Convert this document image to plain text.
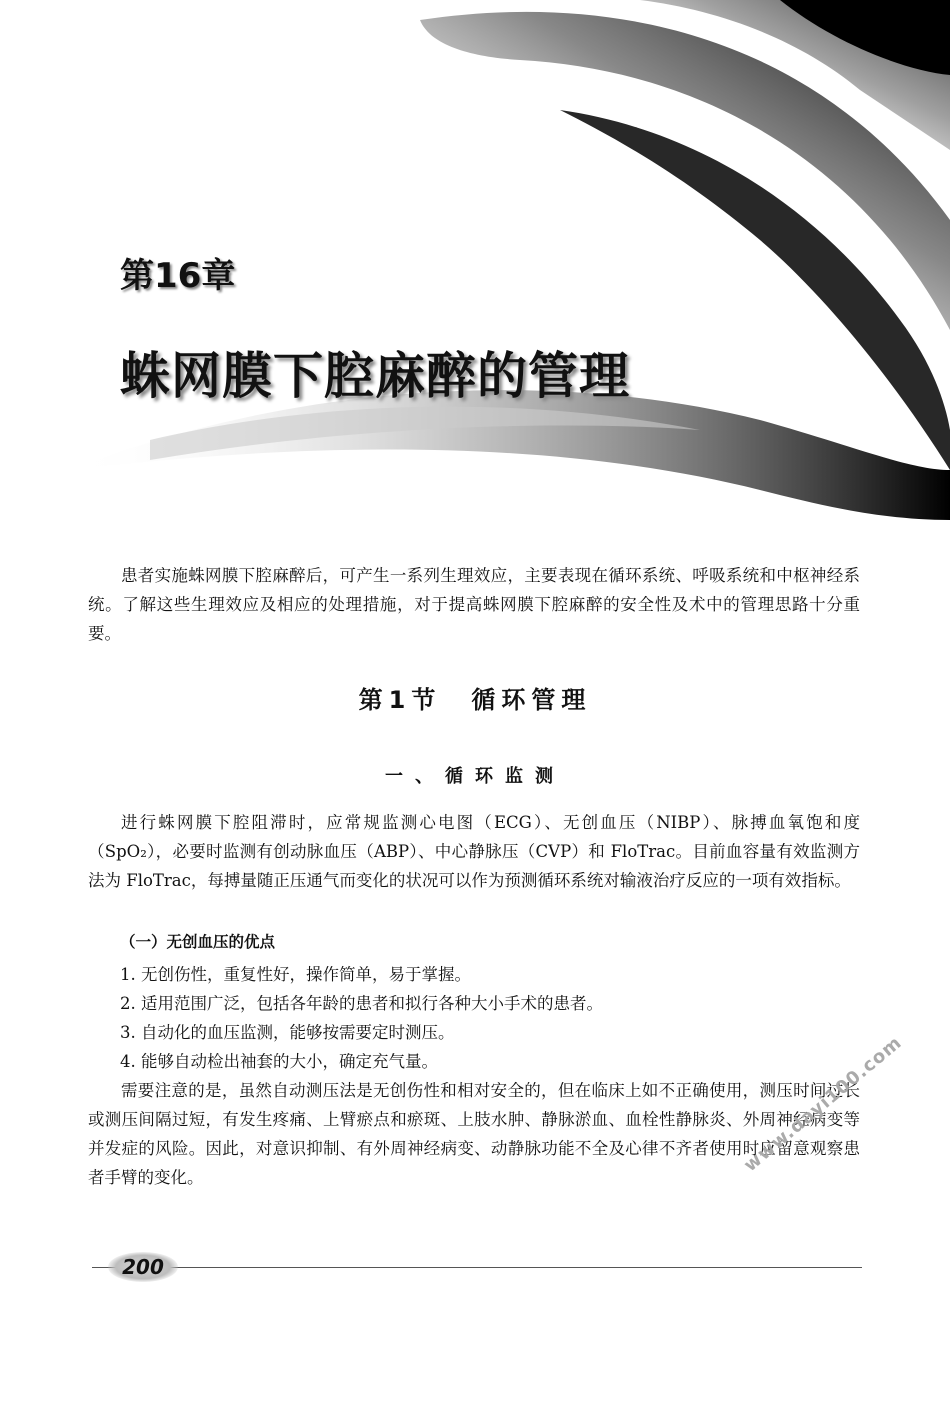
第16章
蛛网膜下腔麻醉的管理

患者实施蛛网膜下腔麻醉后，可产生一系列生理效应，主要表现在循环系统、呼吸系统和中枢神经系统。了解这些生理效应及相应的处理措施，对于提高蛛网膜下腔麻醉的安全性及术中的管理思路十分重要。

第1节　循环管理
一、循环监测

进行蛛网膜下腔阻滞时，应常规监测心电图（ECG）、无创血压（NIBP）、脉搏血氧饱和度（SpO₂），必要时监测有创动脉血压（ABP）、中心静脉压（CVP）和 FloTrac。目前血容量有效监测方法为 FloTrac，每搏量随正压通气而变化的状况可以作为预测循环系统对输液治疗反应的一项有效指标。

（一）无创血压的优点
1. 无创伤性，重复性好，操作简单，易于掌握。
2. 适用范围广泛，包括各年龄的患者和拟行各种大小手术的患者。
3. 自动化的血压监测，能够按需要定时测压。
4. 能够自动检出袖套的大小，确定充气量。

需要注意的是，虽然自动测压法是无创伤性和相对安全的，但在临床上如不正确使用，测压时间过长或测压间隔过短，有发生疼痛、上臂瘀点和瘀斑、上肢水肿、静脉淤血、血栓性静脉炎、外周神经病变等并发症的风险。因此，对意识抑制、有外周神经病变、动静脉功能不全及心律不齐者使用时应留意观察患者手臂的变化。

200
www.dayi100.com
